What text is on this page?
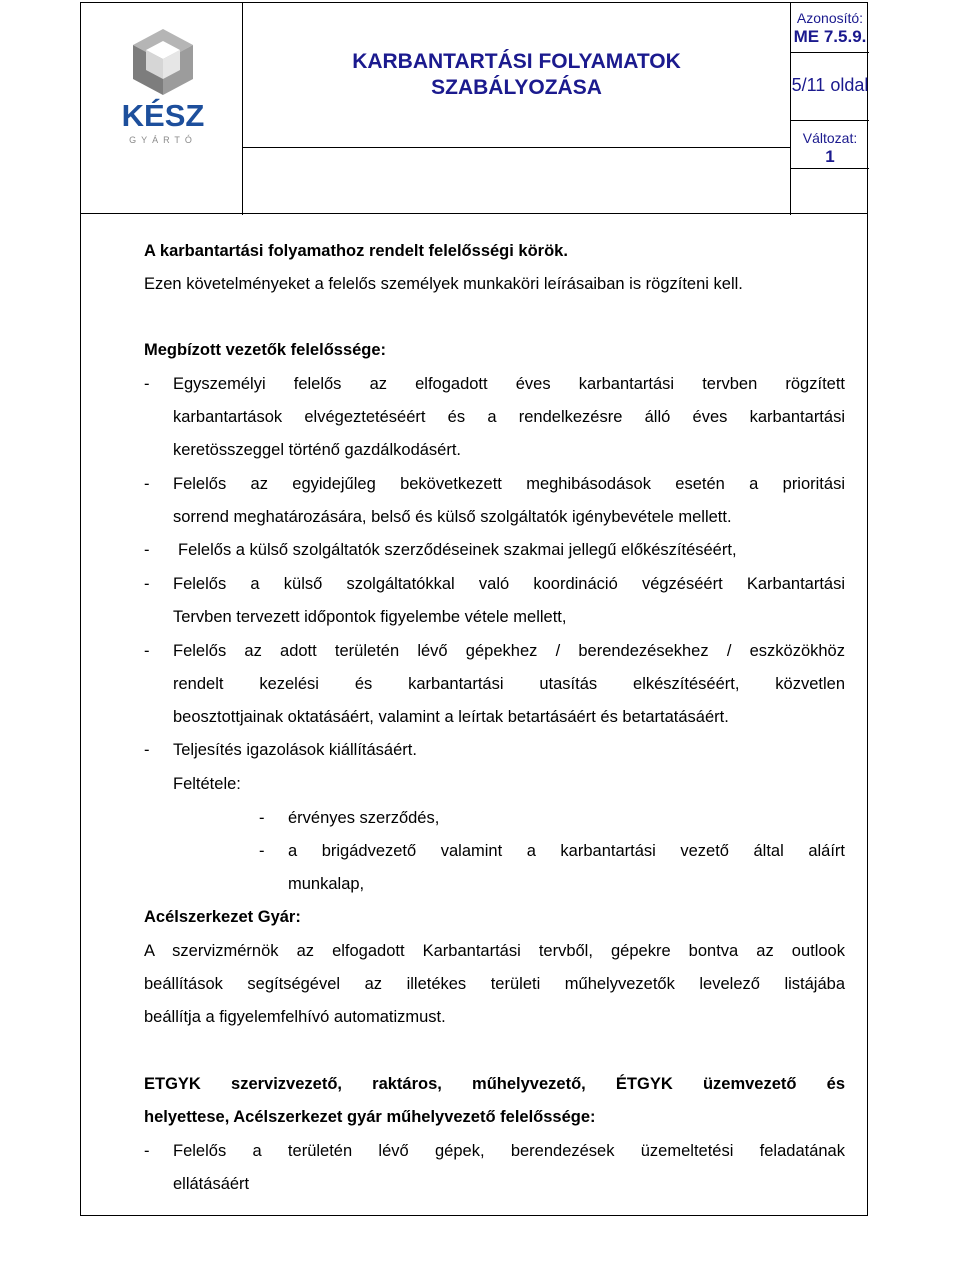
KÉSZ
GYÁRTÓ
KARBANTARTÁSI FOLYAMATOK
SZABÁLYOZÁSA
Azonosító:
ME 7.5.9.
5/11 oldal
Változat:
1
A karbantartási folyamathoz rendelt felelősségi körök.
Ezen követelményeket a felelős személyek munkaköri leírásaiban is rögzíteni kell.
Megbízott vezetők felelőssége:
- Egyszemélyi felelős az elfogadott éves karbantartási tervben rögzített
karbantartások elvégeztetéséért és a rendelkezésre álló éves karbantartási
keretösszeggel történő gazdálkodásért.
- Felelős az egyidejűleg bekövetkezett meghibásodások esetén a prioritási
sorrend meghatározására, belső és külső szolgáltatók igénybevétele mellett.
- Felelős a külső szolgáltatók szerződéseinek szakmai jellegű előkészítéséért,
- Felelős a külső szolgáltatókkal való koordináció végzéséért Karbantartási
Tervben tervezett időpontok figyelembe vétele mellett,
- Felelős az adott területén lévő gépekhez / berendezésekhez / eszközökhöz
rendelt kezelési és karbantartási utasítás elkészítéséért, közvetlen
beosztottjainak oktatásáért, valamint a leírtak betartásáért és betartatásáért.
- Teljesítés igazolások kiállításáért.
Feltétele:
- érvényes szerződés,
- a brigádvezető valamint a karbantartási vezető által aláírt
munkalap,
Acélszerkezet Gyár:
A szervizmérnök az elfogadott Karbantartási tervből, gépekre bontva az outlook
beállítások segítségével az illetékes területi műhelyvezetők levelező listájába
beállítja a figyelemfelhívó automatizmust.
ETGYK szervizvezető, raktáros, műhelyvezető, ÉTGYK üzemvezető és
helyettese, Acélszerkezet gyár műhelyvezető felelőssége:
- Felelős a területén lévő gépek, berendezések üzemeltetési feladatának
ellátásáért
